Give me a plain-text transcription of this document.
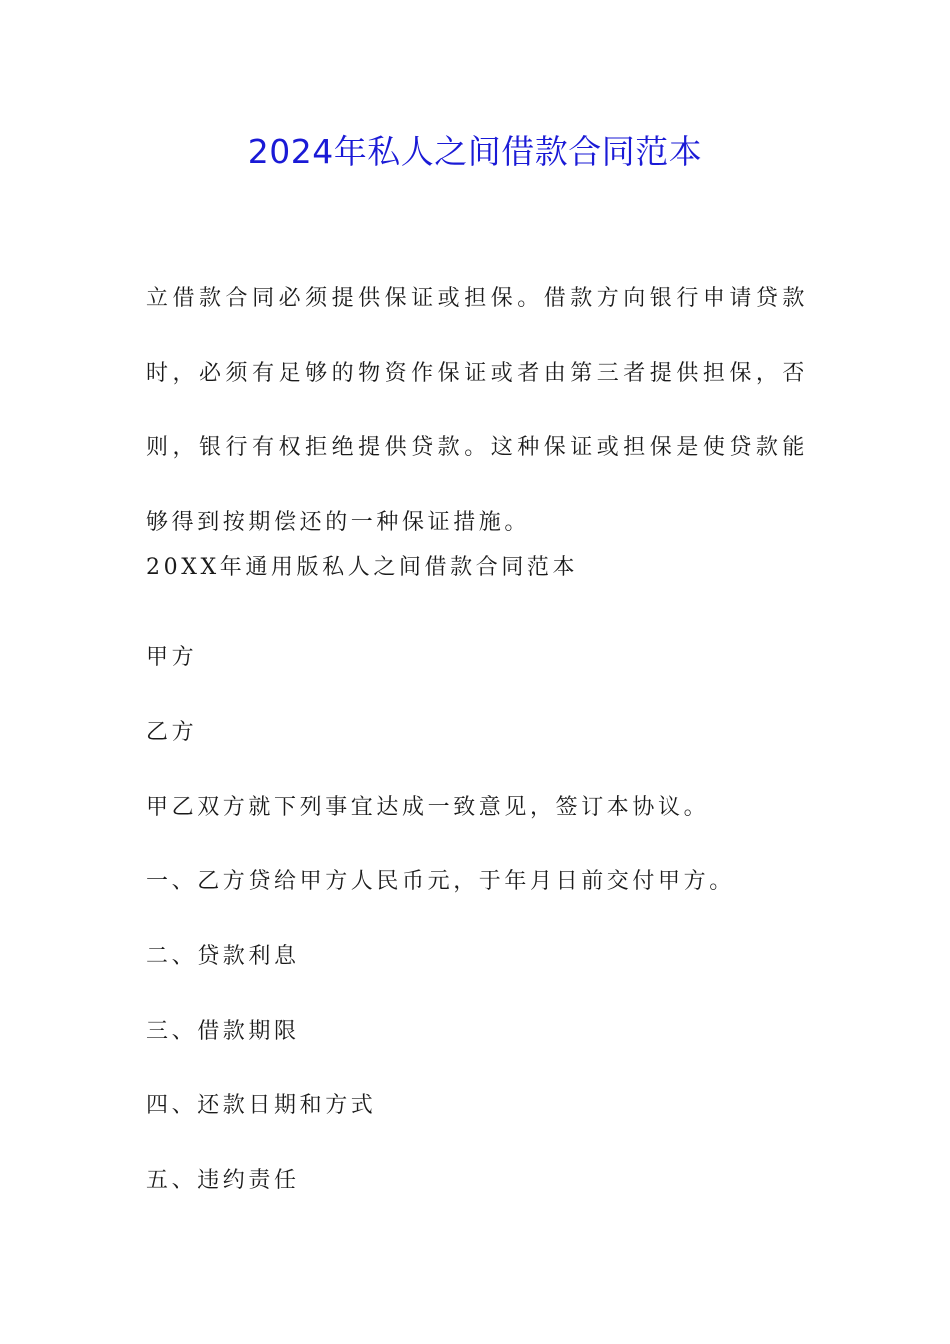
2024年私人之间借款合同范本
立借款合同必须提供保证或担保。借款方向银行申请贷款时，必须有足够的物资作保证或者由第三者提供担保，否则，银行有权拒绝提供贷款。这种保证或担保是使贷款能够得到按期偿还的一种保证措施。
20XX年通用版私人之间借款合同范本
甲方
乙方
甲乙双方就下列事宜达成一致意见，签订本协议。
一、乙方贷给甲方人民币元，于年月日前交付甲方。
二、贷款利息
三、借款期限
四、还款日期和方式
五、违约责任
